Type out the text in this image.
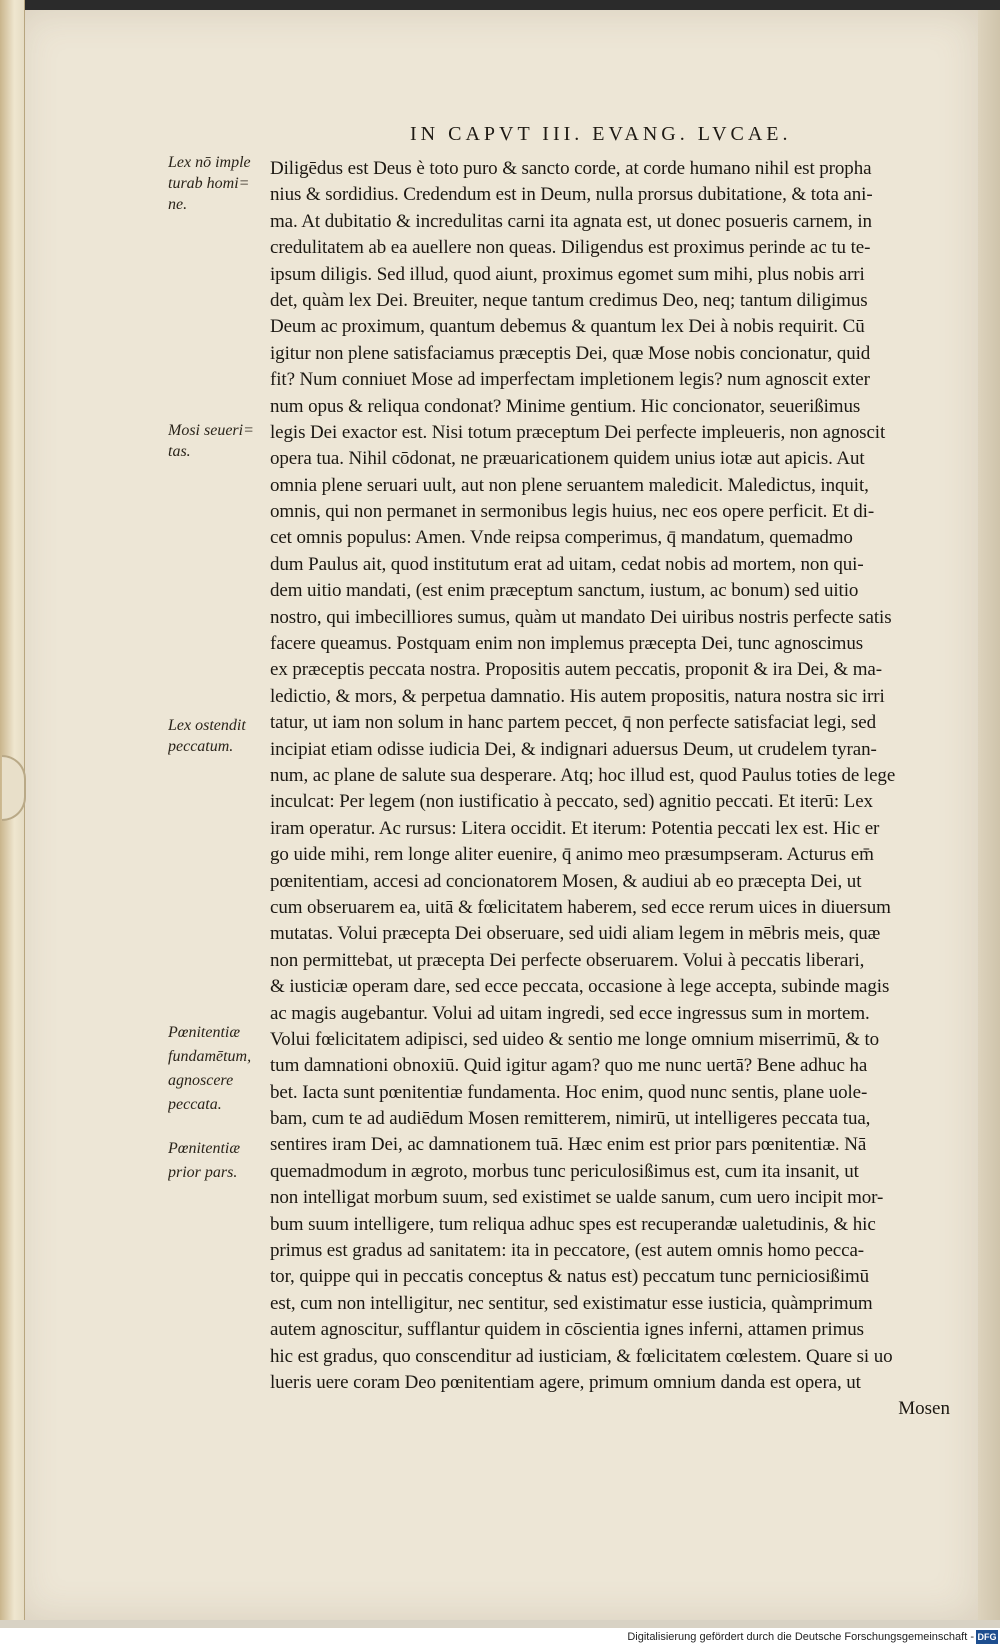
IN CAPVT III. EVANG. LVCAE.
Lex nō imple
turab homi=
ne.
Mosi seueri=
tas.
Lex ostendit
peccatum.
Pœnitentiæ
fundamētum,
agnoscere
peccata.
Pœnitentiæ
prior pars.
Diligēdus est Deus è toto puro & sancto corde, at corde humano nihil est propha
nius & sordidius. Credendum est in Deum, nulla prorsus dubitatione, & tota ani-
ma. At dubitatio & incredulitas carni ita agnata est, ut donec posueris carnem, in
credulitatem ab ea auellere non queas. Diligendus est proximus perinde ac tu te-
ipsum diligis. Sed illud, quod aiunt, proximus egomet sum mihi, plus nobis arri
det, quàm lex Dei. Breuiter, neque tantum credimus Deo, neq; tantum diligimus
Deum ac proximum, quantum debemus & quantum lex Dei à nobis requirit. Cū
igitur non plene satisfaciamus præceptis Dei, quæ Mose nobis concionatur, quid
fit? Num conniuet Mose ad imperfectam impletionem legis? num agnoscit exter
num opus & reliqua condonat? Minime gentium. Hic concionator, seuerißimus
legis Dei exactor est. Nisi totum præceptum Dei perfecte impleueris, non agnoscit
opera tua. Nihil cōdonat, ne præuaricationem quidem unius iotæ aut apicis. Aut
omnia plene seruari uult, aut non plene seruantem maledicit. Maledictus, inquit,
omnis, qui non permanet in sermonibus legis huius, nec eos opere perficit. Et di-
cet omnis populus: Amen. Vnde reipsa comperimus, q̄ mandatum, quemadmo
dum Paulus ait, quod institutum erat ad uitam, cedat nobis ad mortem, non qui-
dem uitio mandati, (est enim præceptum sanctum, iustum, ac bonum) sed uitio
nostro, qui imbecilliores sumus, quàm ut mandato Dei uiribus nostris perfecte satis
facere queamus. Postquam enim non implemus præcepta Dei, tunc agnoscimus
ex præceptis peccata nostra. Propositis autem peccatis, proponit & ira Dei, & ma-
ledictio, & mors, & perpetua damnatio. His autem propositis, natura nostra sic irri
tatur, ut iam non solum in hanc partem peccet, q̄ non perfecte satisfaciat legi, sed
incipiat etiam odisse iudicia Dei, & indignari aduersus Deum, ut crudelem tyran-
num, ac plane de salute sua desperare. Atq; hoc illud est, quod Paulus toties de lege
inculcat: Per legem (non iustificatio à peccato, sed) agnitio peccati. Et iterū: Lex
iram operatur. Ac rursus: Litera occidit. Et iterum: Potentia peccati lex est. Hic er
go uide mihi, rem longe aliter euenire, q̄ animo meo præsumpseram. Acturus em̄
pœnitentiam, accesi ad concionatorem Mosen, & audiui ab eo præcepta Dei, ut
cum obseruarem ea, uitā & fœlicitatem haberem, sed ecce rerum uices in diuersum
mutatas. Volui præcepta Dei obseruare, sed uidi aliam legem in mēbris meis, quæ
non permittebat, ut præcepta Dei perfecte obseruarem. Volui à peccatis liberari,
& iusticiæ operam dare, sed ecce peccata, occasione à lege accepta, subinde magis
ac magis augebantur. Volui ad uitam ingredi, sed ecce ingressus sum in mortem.
Volui fœlicitatem adipisci, sed uideo & sentio me longe omnium miserrimū, & to
tum damnationi obnoxiū. Quid igitur agam? quo me nunc uertā? Bene adhuc ha
bet. Iacta sunt pœnitentiæ fundamenta. Hoc enim, quod nunc sentis, plane uole-
bam, cum te ad audiēdum Mosen remitterem, nimirū, ut intelligeres peccata tua,
sentires iram Dei, ac damnationem tuā. Hæc enim est prior pars pœnitentiæ. Nā
quemadmodum in ægroto, morbus tunc periculosißimus est, cum ita insanit, ut
non intelligat morbum suum, sed existimet se ualde sanum, cum uero incipit mor-
bum suum intelligere, tum reliqua adhuc spes est recuperandæ ualetudinis, & hic
primus est gradus ad sanitatem: ita in peccatore, (est autem omnis homo pecca-
tor, quippe qui in peccatis conceptus & natus est) peccatum tunc perniciosißimū
est, cum non intelligitur, nec sentitur, sed existimatur esse iusticia, quàmprimum
autem agnoscitur, sufflantur quidem in cōscientia ignes inferni, attamen primus
hic est gradus, quo conscenditur ad iusticiam, & fœlicitatem cœlestem. Quare si uo
lueris uere coram Deo pœnitentiam agere, primum omnium danda est opera, ut
Mosen
Digitalisierung gefördert durch die Deutsche Forschungsgemeinschaft - DFG
